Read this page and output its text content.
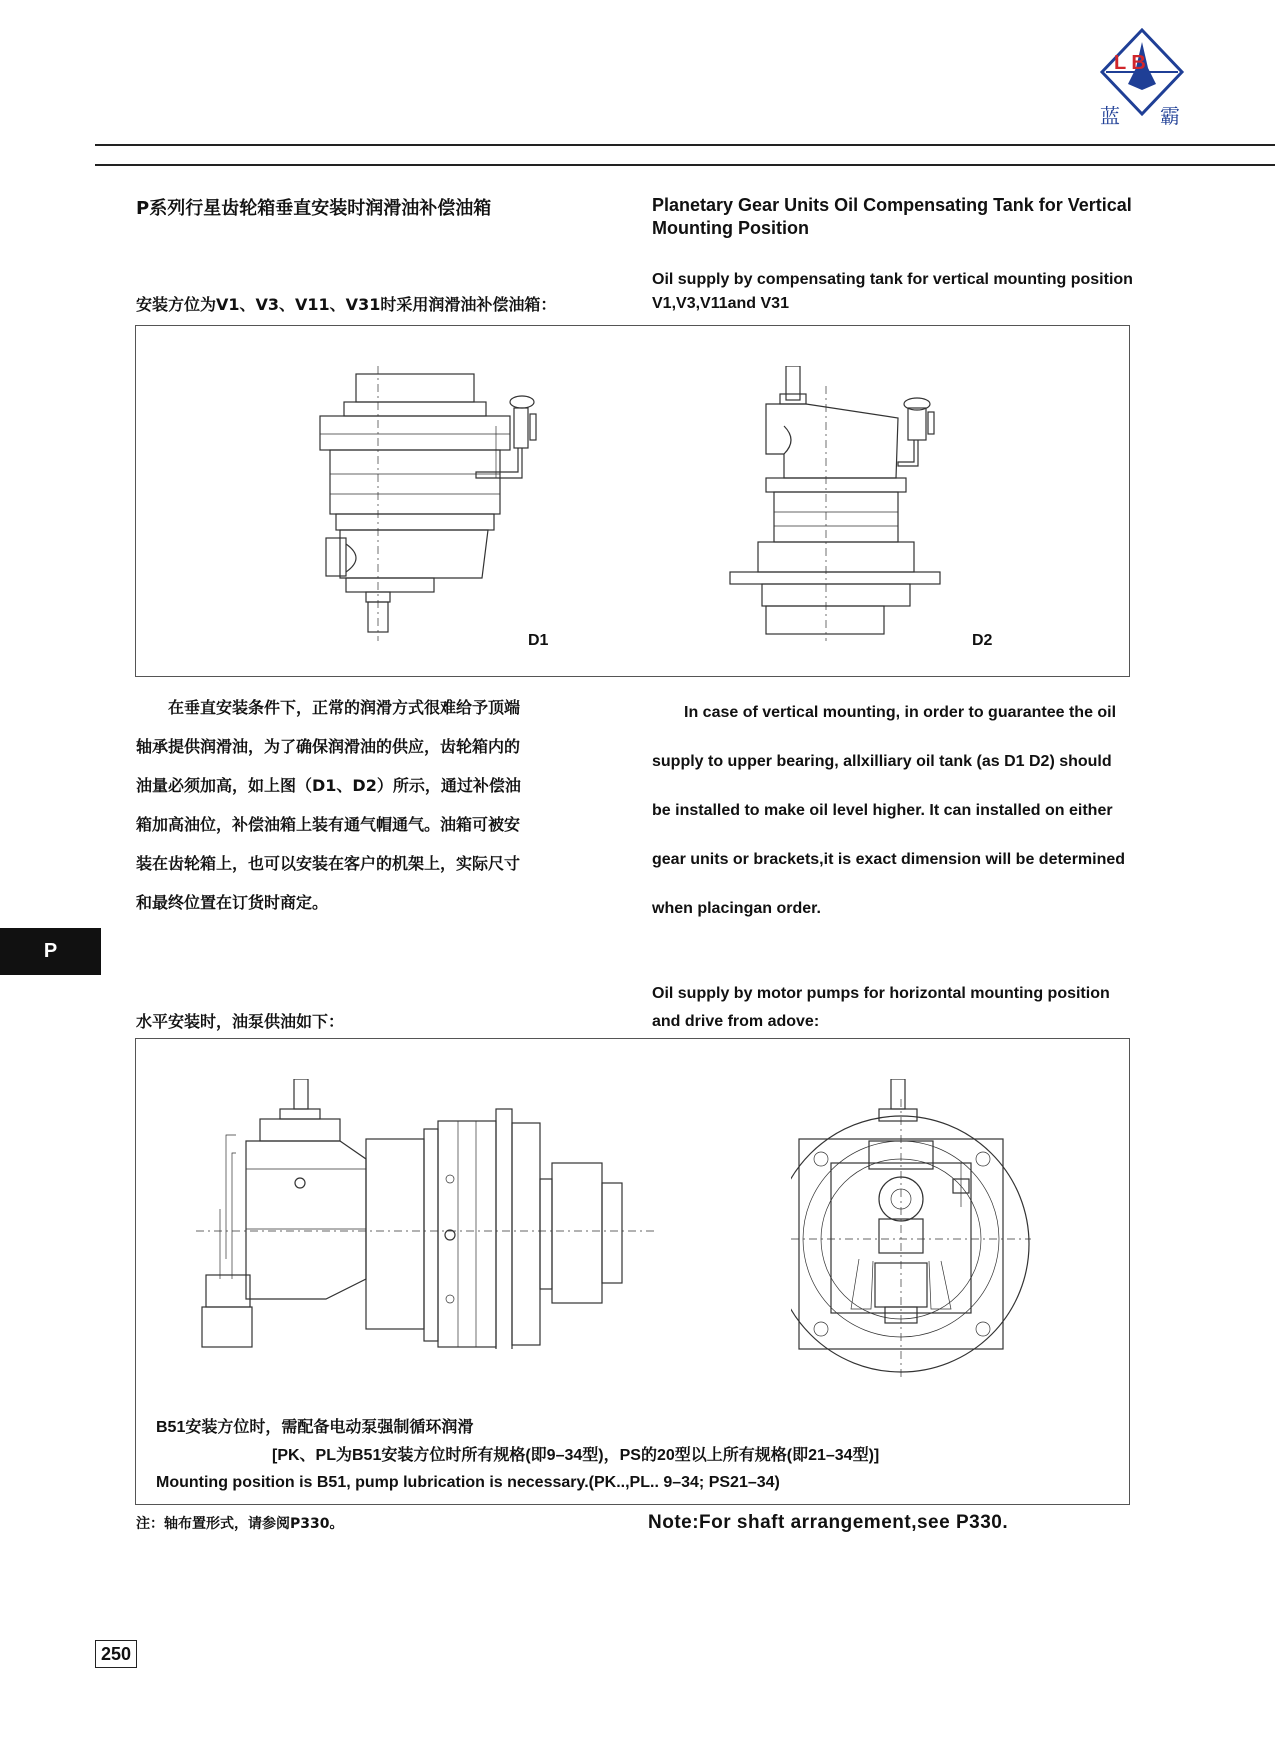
L B
蓝 霸
P系列行星齿轮箱垂直安装时润滑油补偿油箱	Planetary Gear Units Oil Compensating Tank for Vertical Mounting Position
安装方位为V1、V3、V11、V31时采用润滑油补偿油箱：
Oil supply by compensating tank for vertical mounting position V1,V3,V11and V31
D1	D2

在垂直安装条件下，正常的润滑方式很难给予顶端

轴承提供润滑油，为了确保润滑油的供应，齿轮箱内的

油量必须加高，如上图（D1、D2）所示，通过补偿油

箱加高油位，补偿油箱上装有通气帽通气。油箱可被安

装在齿轮箱上，也可以安装在客户的机架上，实际尺寸

和最终位置在订货时商定。

In case of vertical mounting, in order to guarantee the oil

supply to upper bearing, allxilliary oil tank (as D1 D2) should

be installed to make oil level higher. It can installed on either

gear units or brackets,it is exact dimension will be determined

when placingan order.

P
水平安装时，油泵供油如下：
Oil supply by motor pumps for horizontal mounting position
and drive from adove:
B51安装方位时，需配备电动泵强制循环润滑
[PK、PL为B51安装方位时所有规格(即9–34型)，PS的20型以上所有规格(即21–34型)]
Mounting position is B51, pump lubrication is necessary.(PK..,PL.. 9–34; PS21–34)
注：轴布置形式，请参阅P330。	Note:For shaft arrangement,see P330.
250
